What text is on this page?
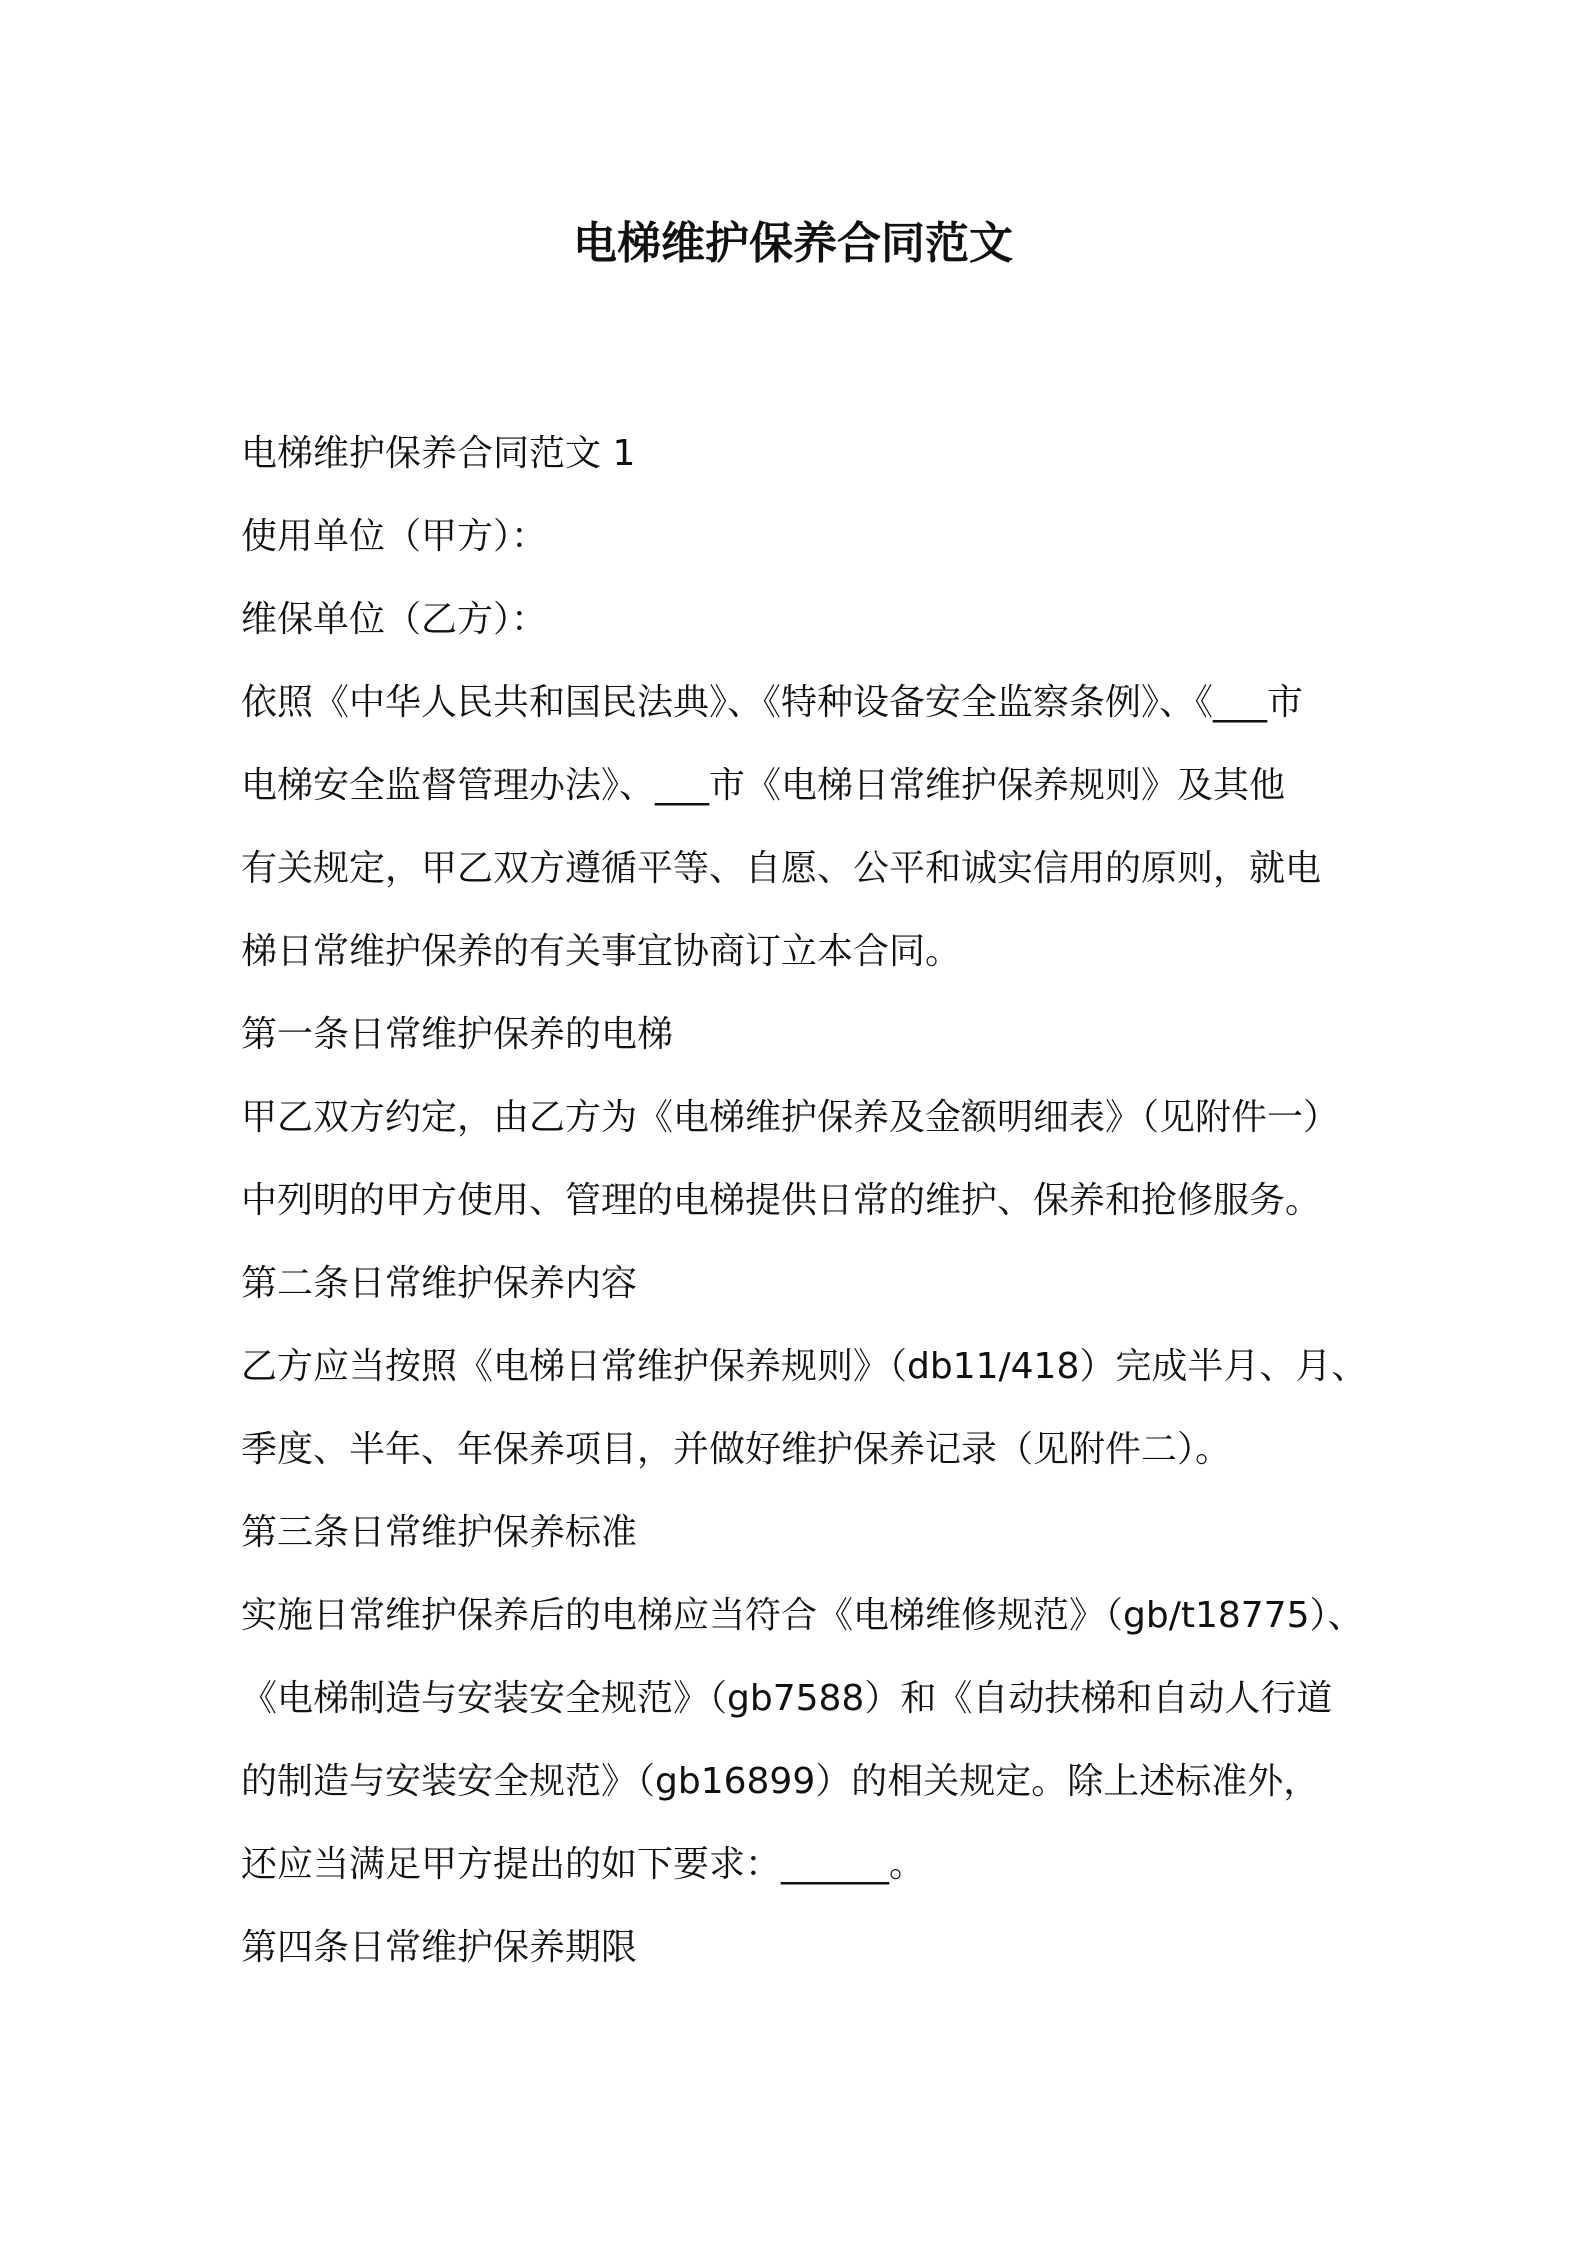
电梯维护保养合同范文

电梯维护保养合同范文 1

使用单位（甲方）：

维保单位（乙方）：

依照《中华人民共和国民法典》、《特种设备安全监察条例》、《___市

电梯安全监督管理办法》、___市《电梯日常维护保养规则》及其他

有关规定，甲乙双方遵循平等、自愿、公平和诚实信用的原则，就电

梯日常维护保养的有关事宜协商订立本合同。

第一条日常维护保养的电梯

甲乙双方约定，由乙方为《电梯维护保养及金额明细表》（见附件一）

中列明的甲方使用、管理的电梯提供日常的维护、保养和抢修服务。

第二条日常维护保养内容

乙方应当按照《电梯日常维护保养规则》（db11/418）完成半月、月、

季度、半年、年保养项目，并做好维护保养记录（见附件二）。

第三条日常维护保养标准

实施日常维护保养后的电梯应当符合《电梯维修规范》（gb/t18775）、

《电梯制造与安装安全规范》（gb7588）和《自动扶梯和自动人行道

的制造与安装安全规范》（gb16899）的相关规定。除上述标准外，

还应当满足甲方提出的如下要求：______。

第四条日常维护保养期限
